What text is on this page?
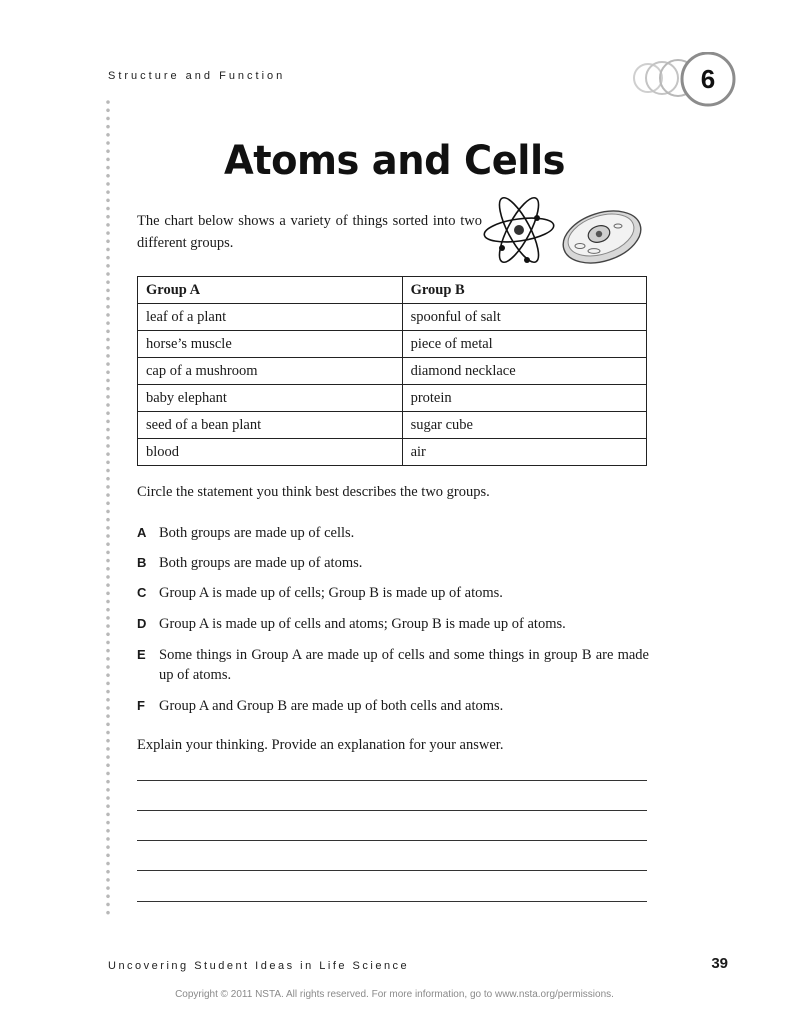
Structure and Function	6
Atoms and Cells
The chart below shows a variety of things sorted into two different groups.
Group A	Group B
leaf of a plant	spoonful of salt
horse’s muscle	piece of metal
cap of a mushroom	diamond necklace
baby elephant	protein
seed of a bean plant	sugar cube
blood	air
Circle the statement you think best describes the two groups.
A Both groups are made up of cells.
B Both groups are made up of atoms.
C Group A is made up of cells; Group B is made up of atoms.
D Group A is made up of cells and atoms; Group B is made up of atoms.
E Some things in Group A are made up of cells and some things in group B are made up of atoms.
F Group A and Group B are made up of both cells and atoms.
Explain your thinking. Provide an explanation for your answer.
Uncovering Student Ideas in Life Science	39
Copyright © 2011 NSTA. All rights reserved. For more information, go to www.nsta.org/permissions.
